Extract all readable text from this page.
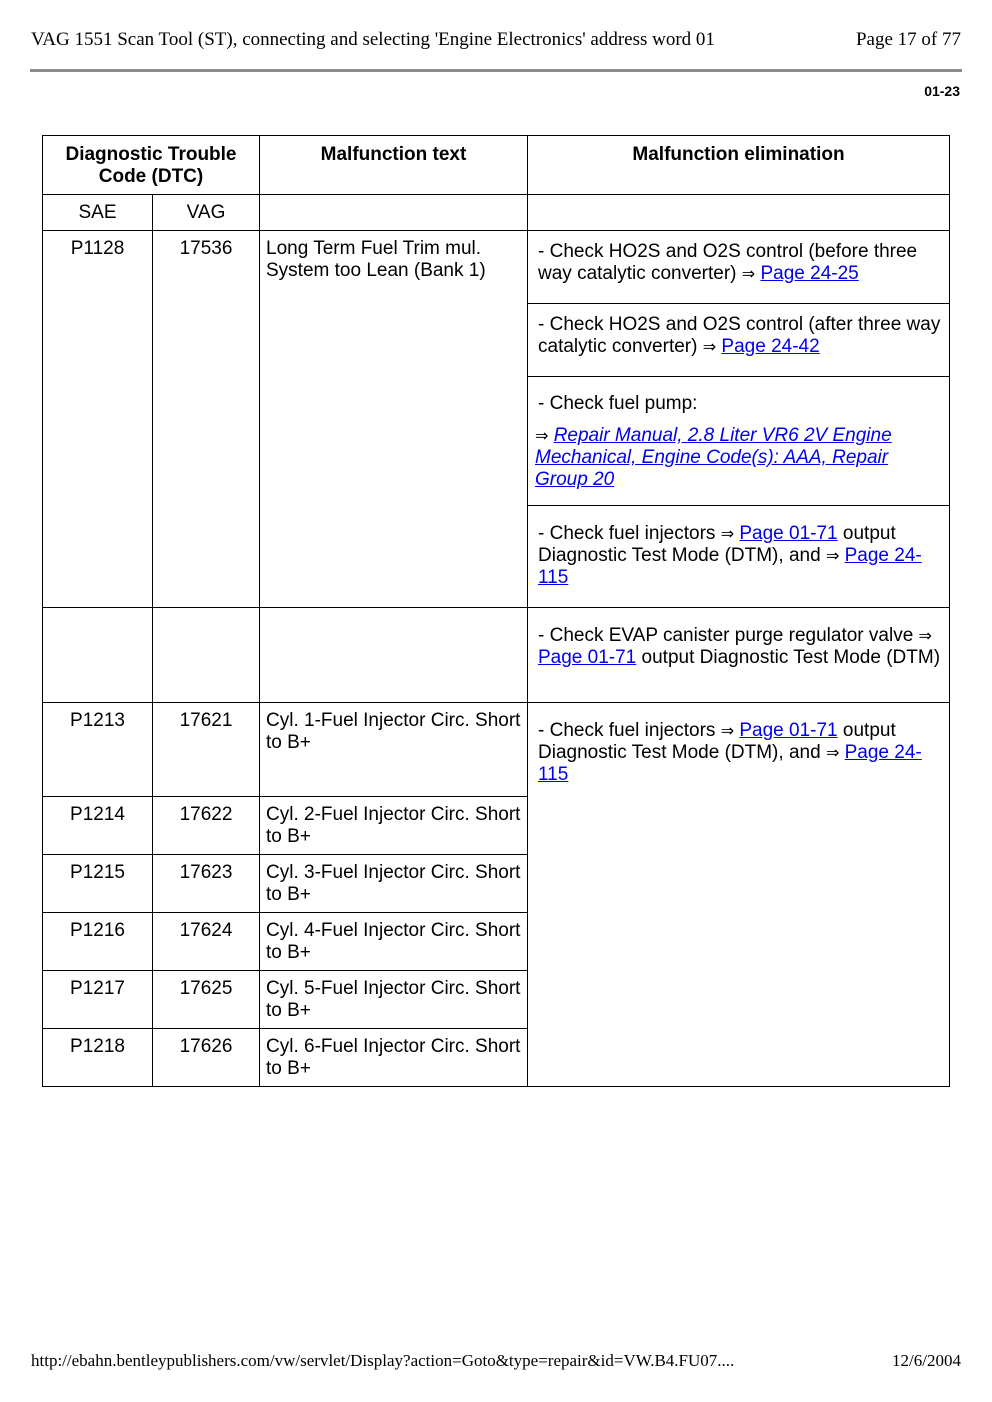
VAG 1551 Scan Tool (ST), connecting and selecting 'Engine Electronics' address word 01	Page 17 of 77
01-23
Diagnostic Trouble Code (DTC)		Malfunction text	Malfunction elimination
SAE	VAG		
P1128	17536	Long Term Fuel Trim mul. System too Lean (Bank 1)	- Check HO2S and O2S control (before three way catalytic converter) ⇒ Page 24-25
- Check HO2S and O2S control (after three way catalytic converter) ⇒ Page 24-42
- Check fuel pump:
⇒ Repair Manual, 2.8 Liter VR6 2V Engine Mechanical, Engine Code(s): AAA, Repair Group 20
- Check fuel injectors ⇒ Page 01-71 output Diagnostic Test Mode (DTM), and ⇒ Page 24-115

			- Check EVAP canister purge regulator valve ⇒ Page 01-71 output Diagnostic Test Mode (DTM)

P1213	17621	Cyl. 1-Fuel Injector Circ. Short to B+	- Check fuel injectors ⇒ Page 01-71 output Diagnostic Test Mode (DTM), and ⇒ Page 24-115

P1214	17622	Cyl. 2-Fuel Injector Circ. Short to B+	
P1215	17623	Cyl. 3-Fuel Injector Circ. Short to B+	
P1216	17624	Cyl. 4-Fuel Injector Circ. Short to B+	
P1217	17625	Cyl. 5-Fuel Injector Circ. Short to B+	
P1218	17626	Cyl. 6-Fuel Injector Circ. Short to B+	
http://ebahn.bentleypublishers.com/vw/servlet/Display?action=Goto&type=repair&id=VW.B4.FU07....	12/6/2004
